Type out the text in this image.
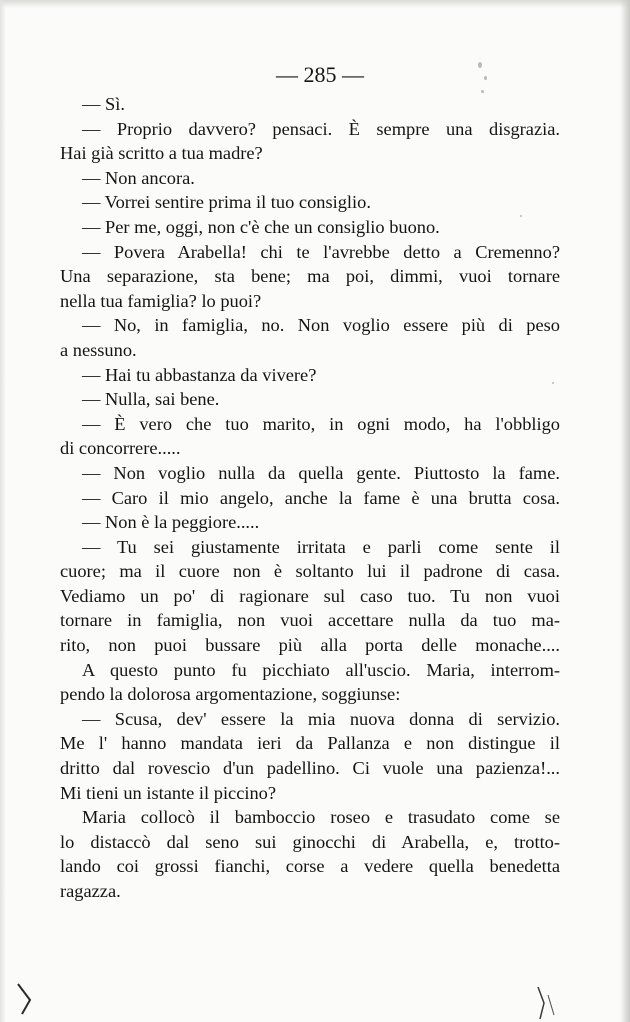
— 285 —
— Sì.
— Proprio davvero? pensaci. È sempre una disgrazia.
Hai già scritto a tua madre?
— Non ancora.
— Vorrei sentire prima il tuo consiglio.
— Per me, oggi, non c'è che un consiglio buono.
— Povera Arabella! chi te l'avrebbe detto a Cremenno?
Una separazione, sta bene; ma poi, dimmi, vuoi tornare
nella tua famiglia? lo puoi?
— No, in famiglia, no. Non voglio essere più di peso
a nessuno.
— Hai tu abbastanza da vivere?
— Nulla, sai bene.
— È vero che tuo marito, in ogni modo, ha l'obbligo
di concorrere.....
— Non voglio nulla da quella gente. Piuttosto la fame.
— Caro il mio angelo, anche la fame è una brutta cosa.
— Non è la peggiore.....
— Tu sei giustamente irritata e parli come sente il
cuore; ma il cuore non è soltanto lui il padrone di casa.
Vediamo un po' di ragionare sul caso tuo. Tu non vuoi
tornare in famiglia, non vuoi accettare nulla da tuo ma-
rito, non puoi bussare più alla porta delle monache....
A questo punto fu picchiato all'uscio. Maria, interrom-
pendo la dolorosa argomentazione, soggiunse:
— Scusa, dev' essere la mia nuova donna di servizio.
Me l' hanno mandata ieri da Pallanza e non distingue il
dritto dal rovescio d'un padellino. Ci vuole una pazienza!...
Mi tieni un istante il piccino?
Maria collocò il bamboccio roseo e trasudato come se
lo distaccò dal seno sui ginocchi di Arabella, e, trotto-
lando coi grossi fianchi, corse a vedere quella benedetta
ragazza.
